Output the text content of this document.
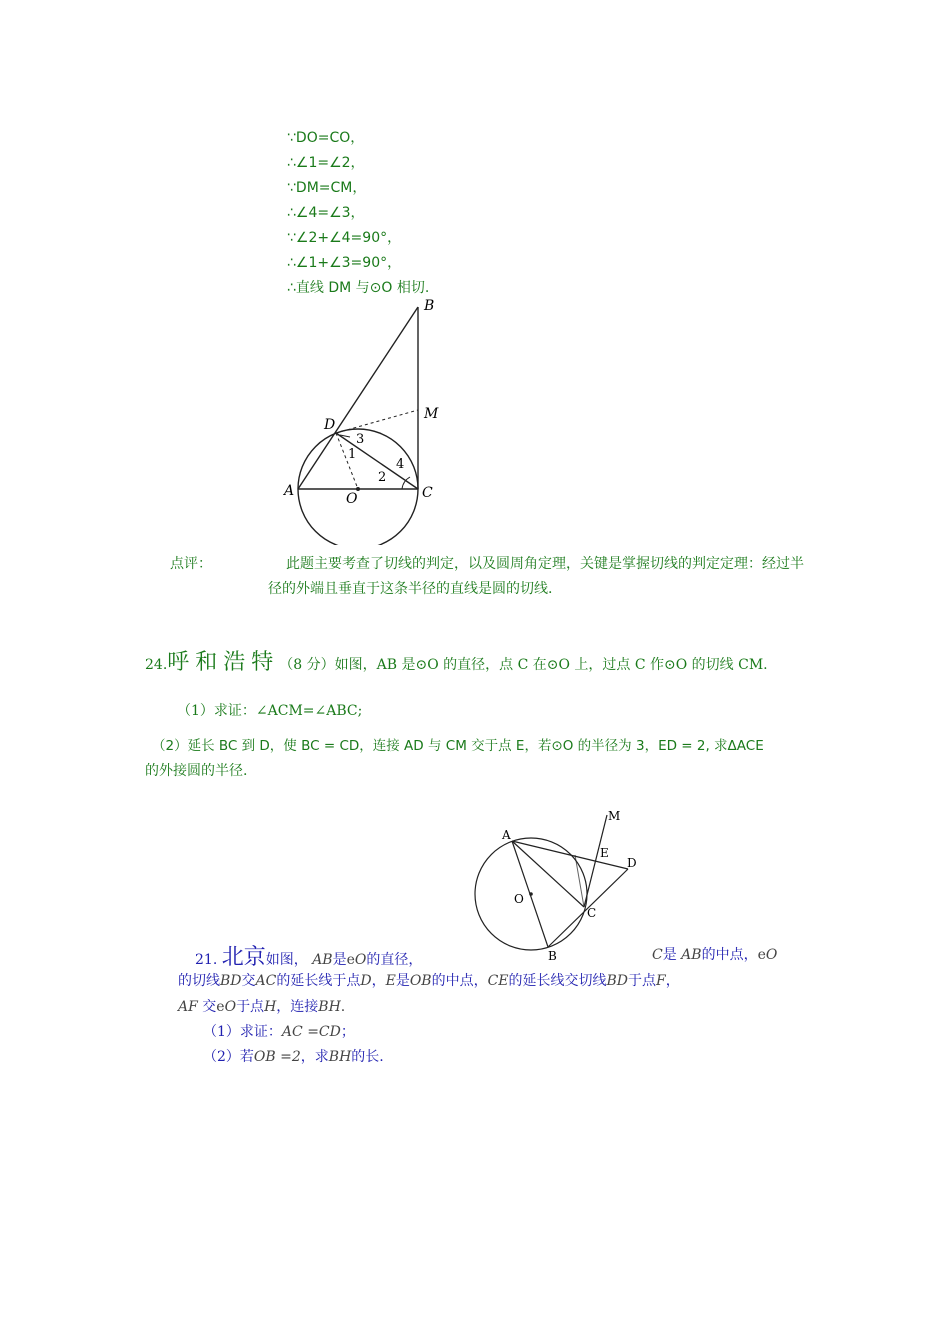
∵DO=CO，
∴∠1=∠2，
∵DM=CM，
∴∠4=∠3，
∵∠2+∠4=90°，
∴∠1+∠3=90°，
∴直线 DM 与⊙O 相切.
B
M
D
3
1
4
2
A	O	C
点评：	此题主要考查了切线的判定，以及圆周角定理，关键是掌握切线的判定定理：经过半
径的外端且垂直于这条半径的直线是圆的切线.
24.呼和浩特（8 分）如图，AB 是⊙O 的直径，点 C 在⊙O 上，过点 C 作⊙O 的切线 CM.
（1）求证：∠ACM=∠ABC;
（2）延长 BC 到 D，使 BC = CD，连接 AD 与 CM 交于点 E，若⊙O 的半径为 3，ED = 2, 求ΔACE
的外接圆的半径.
M
A
E
D
O
C
B
21. 北京如图， AB是eO的直径，	C是 AB的中点，eO
的切线BD交AC的延长线于点D，E是OB的中点，CE的延长线交切线BD于点F，
AF 交eO于点H，连接BH.
（1）求证：AC =CD；
（2）若OB =2，求BH的长.
